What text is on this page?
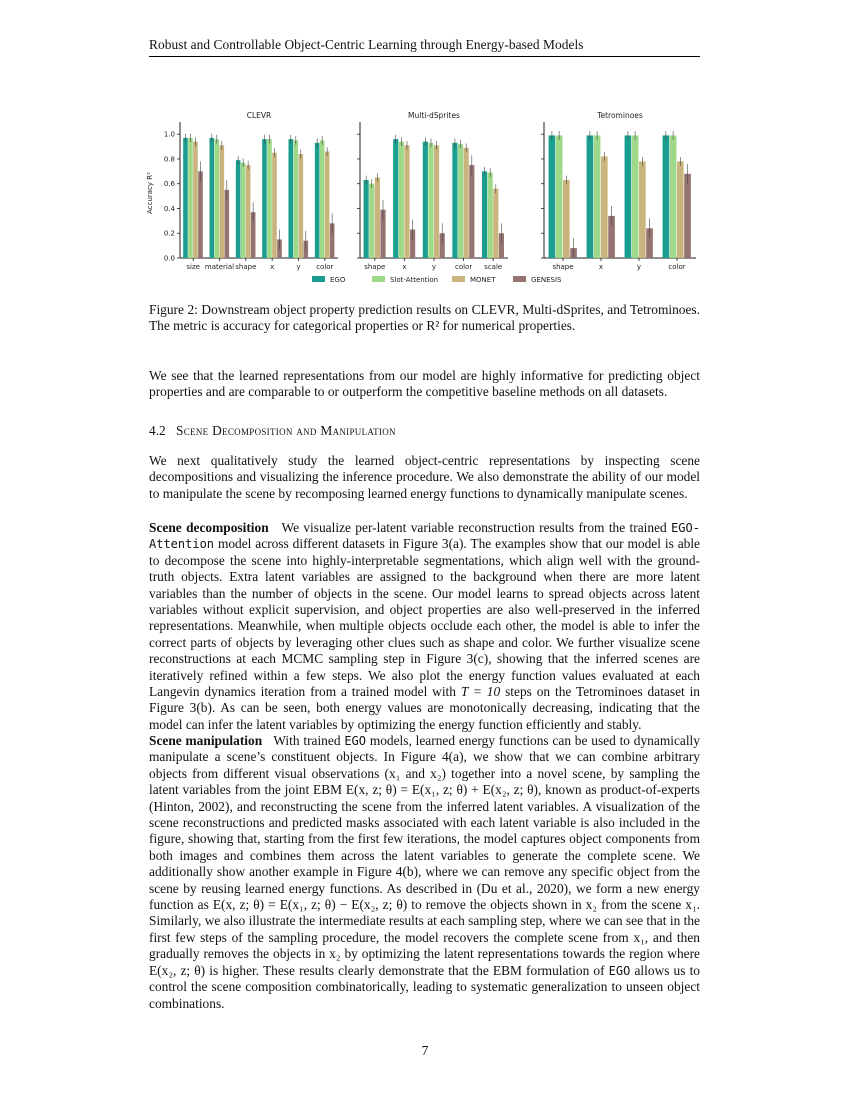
Robust and Controllable Object-Centric Learning through Energy-based Models
CLEVR
0.0
0.2
0.4
0.6
0.8
1.0
Accuracy R²
size material shape x	y color
Multi-dSprites
shape x	y	color scale
Tetrominoes
shape	x	y	color
EGO	Slot-Attention	MONET	GENESIS
Figure 2: Downstream object property prediction results on CLEVR, Multi-dSprites, and Tetrominoes. The metric is accuracy for categorical properties or R² for numerical properties.

We see that the learned representations from our model are highly informative for predicting object properties and are comparable to or outperform the competitive baseline methods on all datasets.

4.2 Scene Decomposition and Manipulation

We next qualitatively study the learned object-centric representations by inspecting scene decompositions and visualizing the inference procedure. We also demonstrate the ability of our model to manipulate the scene by recomposing learned energy functions to dynamically manipulate scenes.

Scene decomposition We visualize per-latent variable reconstruction results from the trained EGO-Attention model across different datasets in Figure 3(a). The examples show that our model is able to decompose the scene into highly-interpretable segmentations, which align well with the ground-truth objects. Extra latent variables are assigned to the background when there are more latent variables than the number of objects in the scene. Our model learns to spread objects across latent variables without explicit supervision, and object properties are also well-preserved in the inferred representations. Meanwhile, when multiple objects occlude each other, the model is able to infer the correct parts of objects by leveraging other clues such as shape and color. We further visualize scene reconstructions at each MCMC sampling step in Figure 3(c), showing that the inferred scenes are iteratively refined within a few steps. We also plot the energy function values evaluated at each Langevin dynamics iteration from a trained model with T = 10 steps on the Tetrominoes dataset in Figure 3(b). As can be seen, both energy values are monotonically decreasing, indicating that the model can infer the latent variables by optimizing the energy function efficiently and stably.

Scene manipulation With trained EGO models, learned energy functions can be used to dynamically manipulate a scene’s constituent objects. In Figure 4(a), we show that we can combine arbitrary objects from different visual observations (x₁ and x₂) together into a novel scene, by sampling the latent variables from the joint EBM E(x, z; θ) = E(x₁, z; θ) + E(x₂, z; θ), known as product-of-experts (Hinton, 2002), and reconstructing the scene from the inferred latent variables. A visualization of the scene reconstructions and predicted masks associated with each latent variable is also included in the figure, showing that, starting from the first few iterations, the model captures object components from both images and combines them across the latent variables to generate the complete scene. We additionally show another example in Figure 4(b), where we can remove any specific object from the scene by reusing learned energy functions. As described in (Du et al., 2020), we form a new energy function as E(x, z; θ) = E(x₁, z; θ) − E(x₂, z; θ) to remove the objects shown in x₂ from the scene x₁. Similarly, we also illustrate the intermediate results at each sampling step, where we can see that in the first few steps of the sampling procedure, the model recovers the complete scene from x₁, and then gradually removes the objects in x₂ by optimizing the latent representations towards the region where E(x₂, z; θ) is higher. These results clearly demonstrate that the EBM formulation of EGO allows us to control the scene composition combinatorically, leading to systematic generalization to unseen object combinations.

7
